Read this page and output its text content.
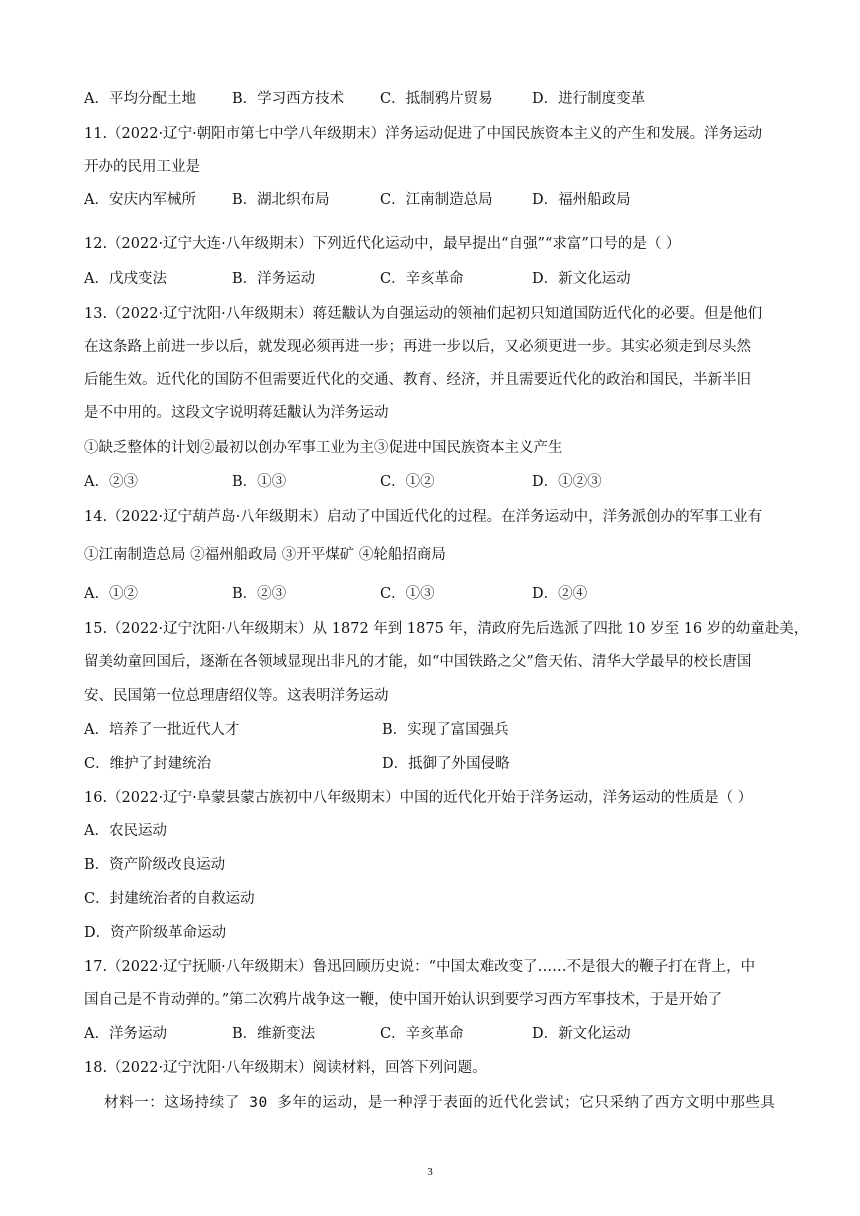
A．平均分配土地 B．学习西方技术 C．抵制鸦片贸易	D．进行制度变革
11.（2022·辽宁·朝阳市第七中学八年级期末）洋务运动促进了中国民族资本主义的产生和发展。洋务运动
开办的民用工业是
A．安庆内军械所 B．湖北织布局	C．江南制造总局	D．福州船政局
12.（2022·辽宁大连·八年级期末）下列近代化运动中，最早提出“自强”“求富”口号的是（ ）
A．戊戌变法	B．洋务运动	C．辛亥革命	D．新文化运动
13.（2022·辽宁沈阳·八年级期末）蒋廷黻认为自强运动的领袖们起初只知道国防近代化的必要。但是他们
在这条路上前进一步以后，就发现必须再进一步；再进一步以后，又必须更进一步。其实必须走到尽头然
后能生效。近代化的国防不但需要近代化的交通、教育、经济，并且需要近代化的政治和国民，半新半旧
是不中用的。这段文字说明蒋廷黻认为洋务运动
①缺乏整体的计划②最初以创办军事工业为主③促进中国民族资本主义产生
A．②③	B．①③	C．①②	D．①②③
14.（2022·辽宁葫芦岛·八年级期末）启动了中国近代化的过程。在洋务运动中，洋务派创办的军事工业有
①江南制造总局 ②福州船政局 ③开平煤矿 ④轮船招商局
A．①②	B．②③	C．①③	D．②④
15.（2022·辽宁沈阳·八年级期末）从 1872 年到 1875 年，清政府先后选派了四批 10 岁至 16 岁的幼童赴美，
留美幼童回国后，逐渐在各领域显现出非凡的才能，如“中国铁路之父”詹天佑、清华大学最早的校长唐国
安、民国第一位总理唐绍仪等。这表明洋务运动
A．培养了一批近代人才	B．实现了富国强兵
C．维护了封建统治	D．抵御了外国侵略
16.（2022·辽宁·阜蒙县蒙古族初中八年级期末）中国的近代化开始于洋务运动，洋务运动的性质是（ ）
A．农民运动
B．资产阶级改良运动
C．封建统治者的自救运动
D．资产阶级革命运动
17.（2022·辽宁抚顺·八年级期末）鲁迅回顾历史说：“中国太难改变了……不是很大的鞭子打在背上，中
国自己是不肯动弹的。”第二次鸦片战争这一鞭，使中国开始认识到要学习西方军事技术，于是开始了
A．洋务运动	B．维新变法	C．辛亥革命	D．新文化运动
18.（2022·辽宁沈阳·八年级期末）阅读材料，回答下列问题。
材料一：这场持续了 30 多年的运动，是一种浮于表面的近代化尝试；它只采纳了西方文明中那些具
3
